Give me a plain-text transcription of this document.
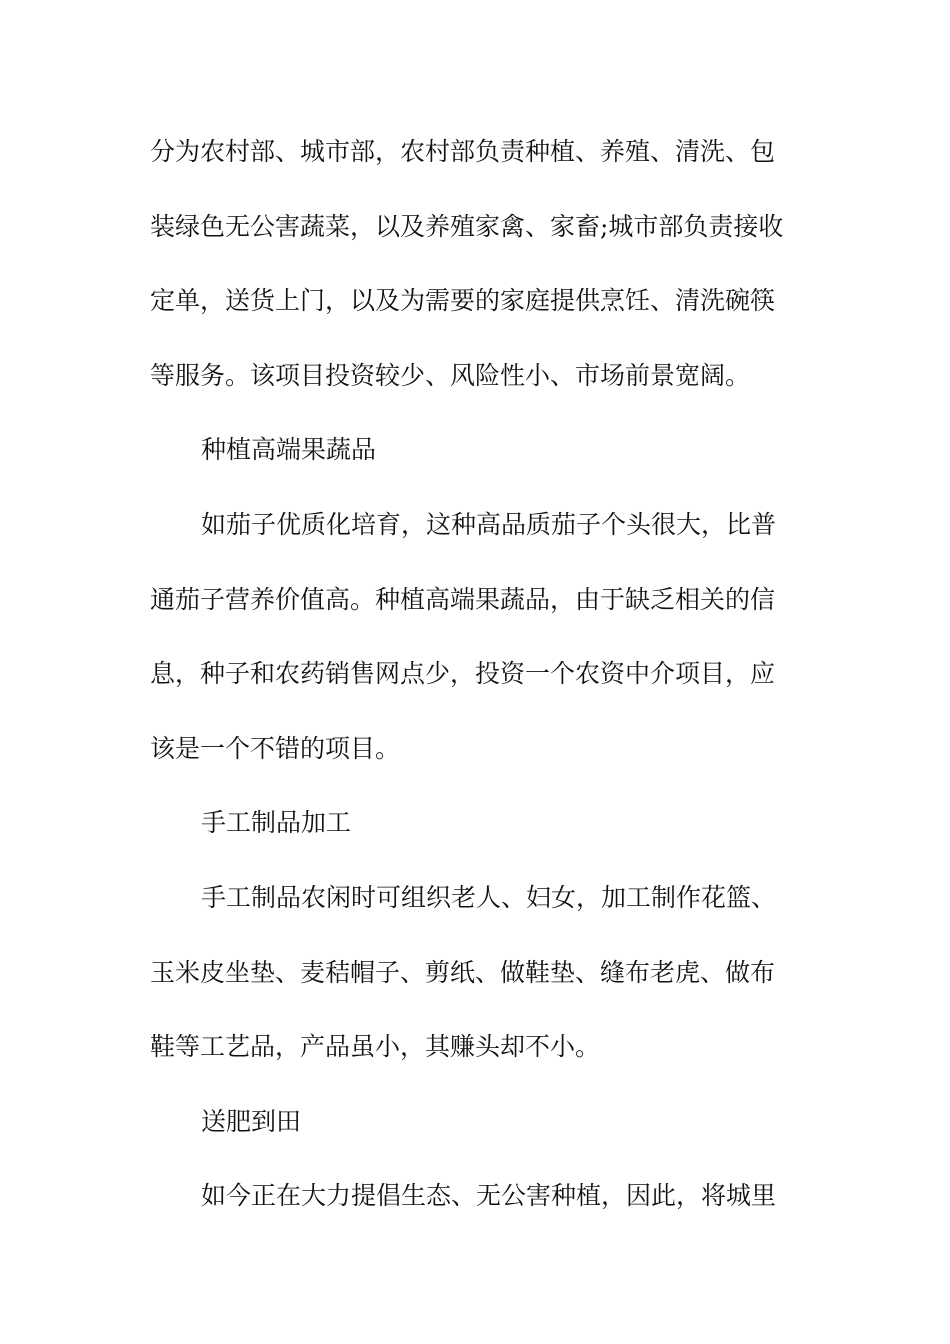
分为农村部、城市部，农村部负责种植、养殖、清洗、包
装绿色无公害蔬菜，以及养殖家禽、家畜;城市部负责接收
定单，送货上门，以及为需要的家庭提供烹饪、清洗碗筷
等服务。该项目投资较少、风险性小、市场前景宽阔。
种植高端果蔬品
如茄子优质化培育，这种高品质茄子个头很大，比普
通茄子营养价值高。种植高端果蔬品，由于缺乏相关的信
息，种子和农药销售网点少，投资一个农资中介项目，应
该是一个不错的项目。
手工制品加工
手工制品农闲时可组织老人、妇女，加工制作花篮、
玉米皮坐垫、麦秸帽子、剪纸、做鞋垫、缝布老虎、做布
鞋等工艺品，产品虽小，其赚头却不小。
送肥到田
如今正在大力提倡生态、无公害种植，因此，将城里
